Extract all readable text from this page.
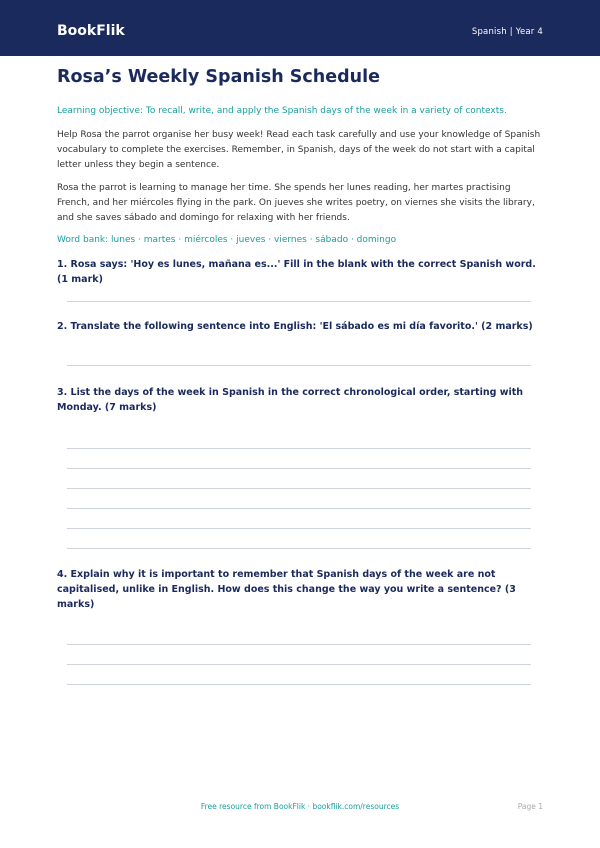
BookFlik	Spanish | Year 4
Rosa’s Weekly Spanish Schedule

Learning objective: To recall, write, and apply the Spanish days of the week in a variety of contexts.

Help Rosa the parrot organise her busy week! Read each task carefully and use your knowledge of Spanish vocabulary to complete the exercises. Remember, in Spanish, days of the week do not start with a capital letter unless they begin a sentence.

Rosa the parrot is learning to manage her time. She spends her lunes reading, her martes practising French, and her miércoles flying in the park. On jueves she writes poetry, on viernes she visits the library, and she saves sábado and domingo for relaxing with her friends.

Word bank: lunes · martes · miércoles · jueves · viernes · sábado · domingo

1. Rosa says: 'Hoy es lunes, mañana es...' Fill in the blank with the correct Spanish word. (1 mark)
2. Translate the following sentence into English: 'El sábado es mi día favorito.' (2 marks)
3. List the days of the week in Spanish in the correct chronological order, starting with Monday. (7 marks)
4. Explain why it is important to remember that Spanish days of the week are not capitalised, unlike in English. How does this change the way you write a sentence? (3 marks)
Free resource from BookFlik · bookflik.com/resources	Page 1
